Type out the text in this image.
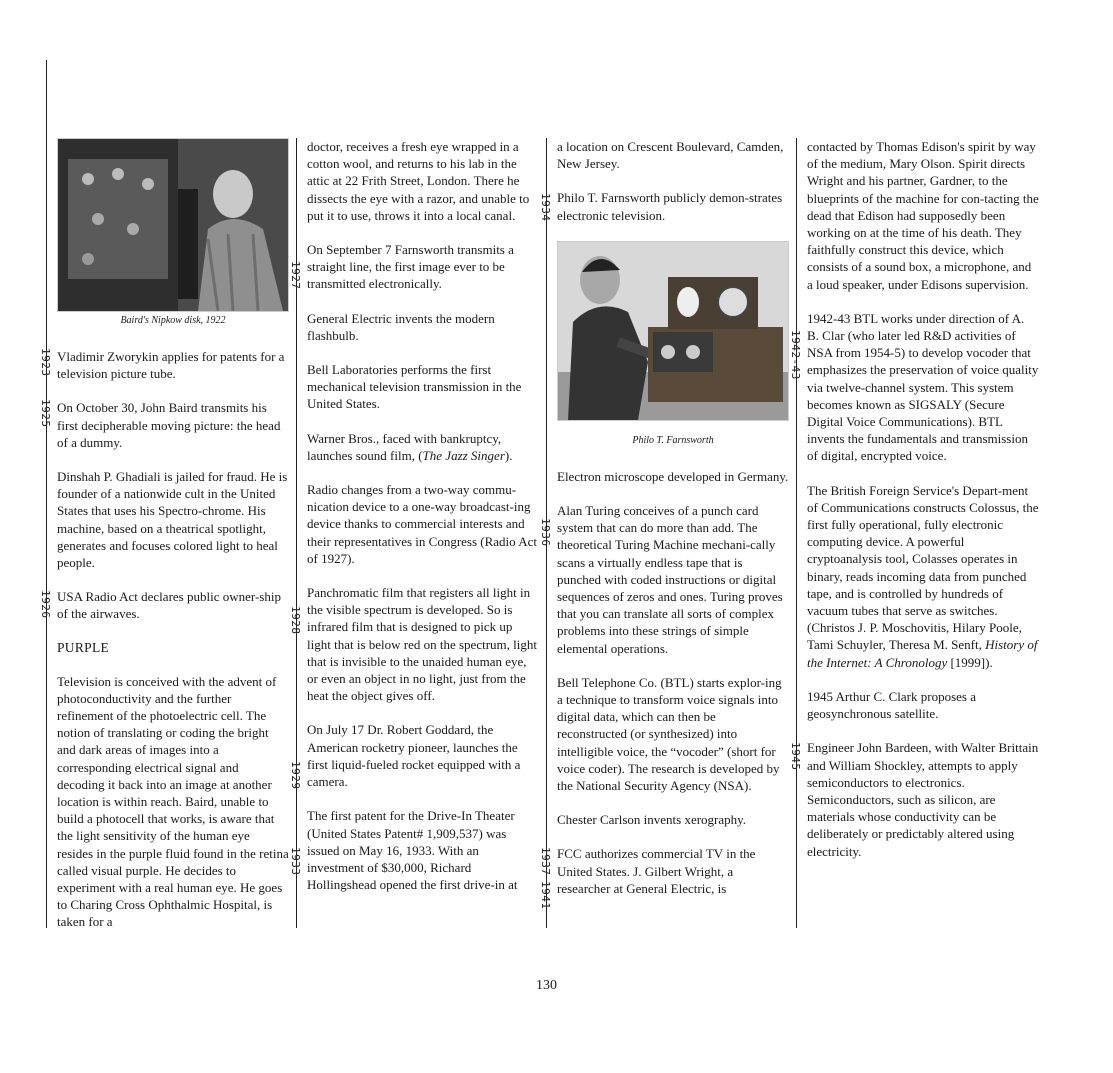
Baird's Nipkow disk, 1922

Vladimir Zworykin applies for patents for a television picture tube.

On October 30, John Baird transmits his first decipherable moving picture: the head of a dummy.

Dinshah P. Ghadiali is jailed for fraud. He is founder of a nationwide cult in the United States that uses his Spectro-chrome. His machine, based on a theatrical spotlight, generates and focuses colored light to heal people.

USA Radio Act declares public owner-ship of the airwaves.

PURPLE

Television is conceived with the advent of photoconductivity and the further refinement of the photoelectric cell. The notion of translating or coding the bright and dark areas of images into a corresponding electrical signal and decoding it back into an image at another location is within reach. Baird, unable to build a photocell that works, is aware that the light sensitivity of the human eye resides in the purple fluid found in the retina called visual purple. He decides to experiment with a real human eye. He goes to Charing Cross Ophthalmic Hospital, is taken for a

1923
1925
1926

doctor, receives a fresh eye wrapped in a cotton wool, and returns to his lab in the attic at 22 Frith Street, London. There he dissects the eye with a razor, and unable to put it to use, throws it into a local canal.

On September 7 Farnsworth transmits a straight line, the first image ever to be transmitted electronically.

General Electric invents the modern flashbulb.

Bell Laboratories performs the first mechanical television transmission in the United States.

Warner Bros., faced with bankruptcy, launches sound film, (The Jazz Singer).

Radio changes from a two-way commu-nication device to a one-way broadcast-ing device thanks to commercial interests and their representatives in Congress (Radio Act of 1927).

Panchromatic film that registers all light in the visible spectrum is developed. So is infrared film that is designed to pick up light that is below red on the spectrum, light that is invisible to the unaided human eye, or even an object in no light, just from the heat the object gives off.

On July 17 Dr. Robert Goddard, the American rocketry pioneer, launches the first liquid-fueled rocket equipped with a camera.

The first patent for the Drive-In Theater (United States Patent# 1,909,537) was issued on May 16, 1933. With an investment of $30,000, Richard Hollingshead opened the first drive-in at

1927
1928
1929
1933

a location on Crescent Boulevard, Camden, New Jersey.

Philo T. Farnsworth publicly demon-strates electronic television.

Philo T. Farnsworth

Electron microscope developed in Germany.

Alan Turing conceives of a punch card system that can do more than add. The theoretical Turing Machine mechani-cally scans a virtually endless tape that is punched with coded instructions or digital sequences of zeros and ones. Turing proves that you can translate all sorts of complex problems into these strings of simple elemental operations.

Bell Telephone Co. (BTL) starts explor-ing a technique to transform voice signals into digital data, which can then be reconstructed (or synthesized) into intelligible voice, the “vocoder” (short for voice coder). The research is developed by the National Security Agency (NSA).

Chester Carlson invents xerography.

FCC authorizes commercial TV in the United States. J. Gilbert Wright, a researcher at General Electric, is

1934
1936
1937
1941

contacted by Thomas Edison's spirit by way of the medium, Mary Olson. Spirit directs Wright and his partner, Gardner, to the blueprints of the machine for con-tacting the dead that Edison had supposedly been working on at the time of his death. They faithfully construct this device, which consists of a sound box, a microphone, and a loud speaker, under Edisons supervision.

1942-43 BTL works under direction of A. B. Clar (who later led R&D activities of NSA from 1954-5) to develop vocoder that emphasizes the preservation of voice quality via twelve-channel system. This system becomes known as SIGSALY (Secure Digital Voice Communications). BTL invents the fundamentals and transmission of digital, encrypted voice.

The British Foreign Service's Depart-ment of Communications constructs Colossus, the first fully operational, fully electronic computing device. A powerful cryptoanalysis tool, Colasses operates in binary, reads incoming data from punched tape, and is controlled by hundreds of vacuum tubes that serve as switches. (Christos J. P. Moschovitis, Hilary Poole, Tami Schuyler, Theresa M. Senft, History of the Internet: A Chronology [1999]).

1945 Arthur C. Clark proposes a geosynchronous satellite.

Engineer John Bardeen, with Walter Brittain and William Shockley, attempts to apply semiconductors to electronics. Semiconductors, such as silicon, are materials whose conductivity can be deliberately or predictably altered using electricity.

1942-43
1945
130
